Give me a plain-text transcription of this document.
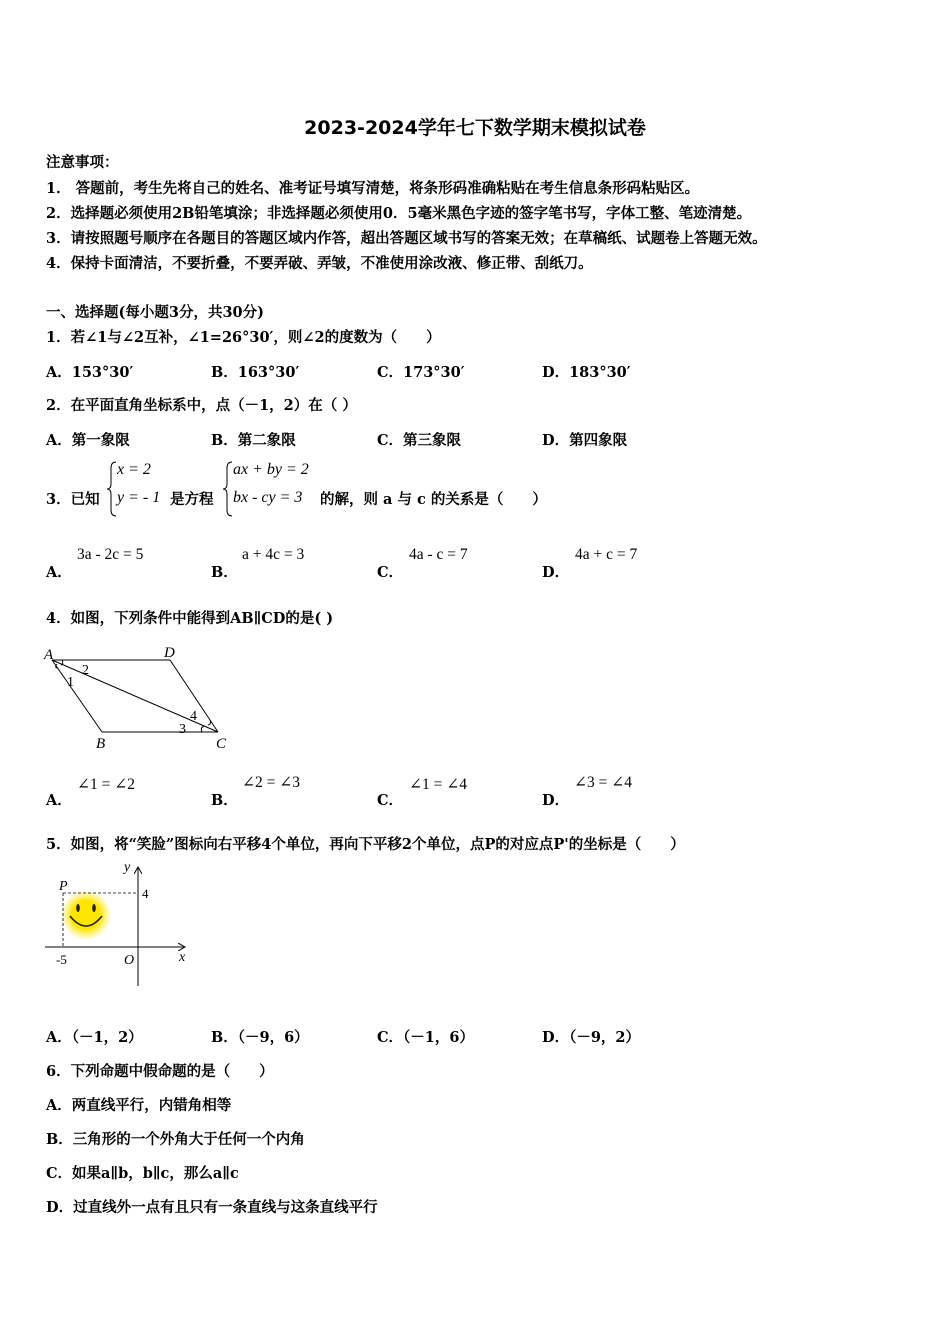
2023-2024学年七下数学期末模拟试卷
注意事项：
1． 答题前，考生先将自己的姓名、准考证号填写清楚，将条形码准确粘贴在考生信息条形码粘贴区。
2．选择题必须使用2B铅笔填涂；非选择题必须使用0．5毫米黑色字迹的签字笔书写，字体工整、笔迹清楚。
3．请按照题号顺序在各题目的答题区域内作答，超出答题区域书写的答案无效；在草稿纸、试题卷上答题无效。
4．保持卡面清洁，不要折叠，不要弄破、弄皱，不准使用涂改液、修正带、刮纸刀。
一、选择题(每小题3分，共30分)
1．若∠1与∠2互补，∠1=26°30′，则∠2的度数为（　　）
A．153°30′	B．163°30′	C．173°30′	D．183°30′
2．在平面直角坐标系中，点（－1，2）在（ ）
A．第一象限	B．第二象限	C．第三象限	D．第四象限
3．已知
x = 2
y = - 1 是方程
ax + by = 2
bx - cy = 3 的解，则 a 与 c 的关系是（　　）
A．
3a - 2c = 5
B．
a + 4c = 3
C．
4a - c = 7
D．
4a + c = 7
4．如图，下列条件中能得到AB∥CD的是( )
A	D
B	C
2
1
3
4
A．
∠1 = ∠2
B．
∠2 = ∠3
C．
∠1 = ∠4
D．
∠3 = ∠4
5．如图，将“笑脸”图标向右平移4个单位，再向下平移2个单位，点P的对应点P'的坐标是（　　）
P
y
x
O
4
-5
A．（－1，2）	B．（－9，6）	C．（－1，6）	D．（－9，2）
6．下列命题中假命题的是（　　）
A．两直线平行，内错角相等
B．三角形的一个外角大于任何一个内角
C．如果a∥b，b∥c，那么a∥c
D．过直线外一点有且只有一条直线与这条直线平行
